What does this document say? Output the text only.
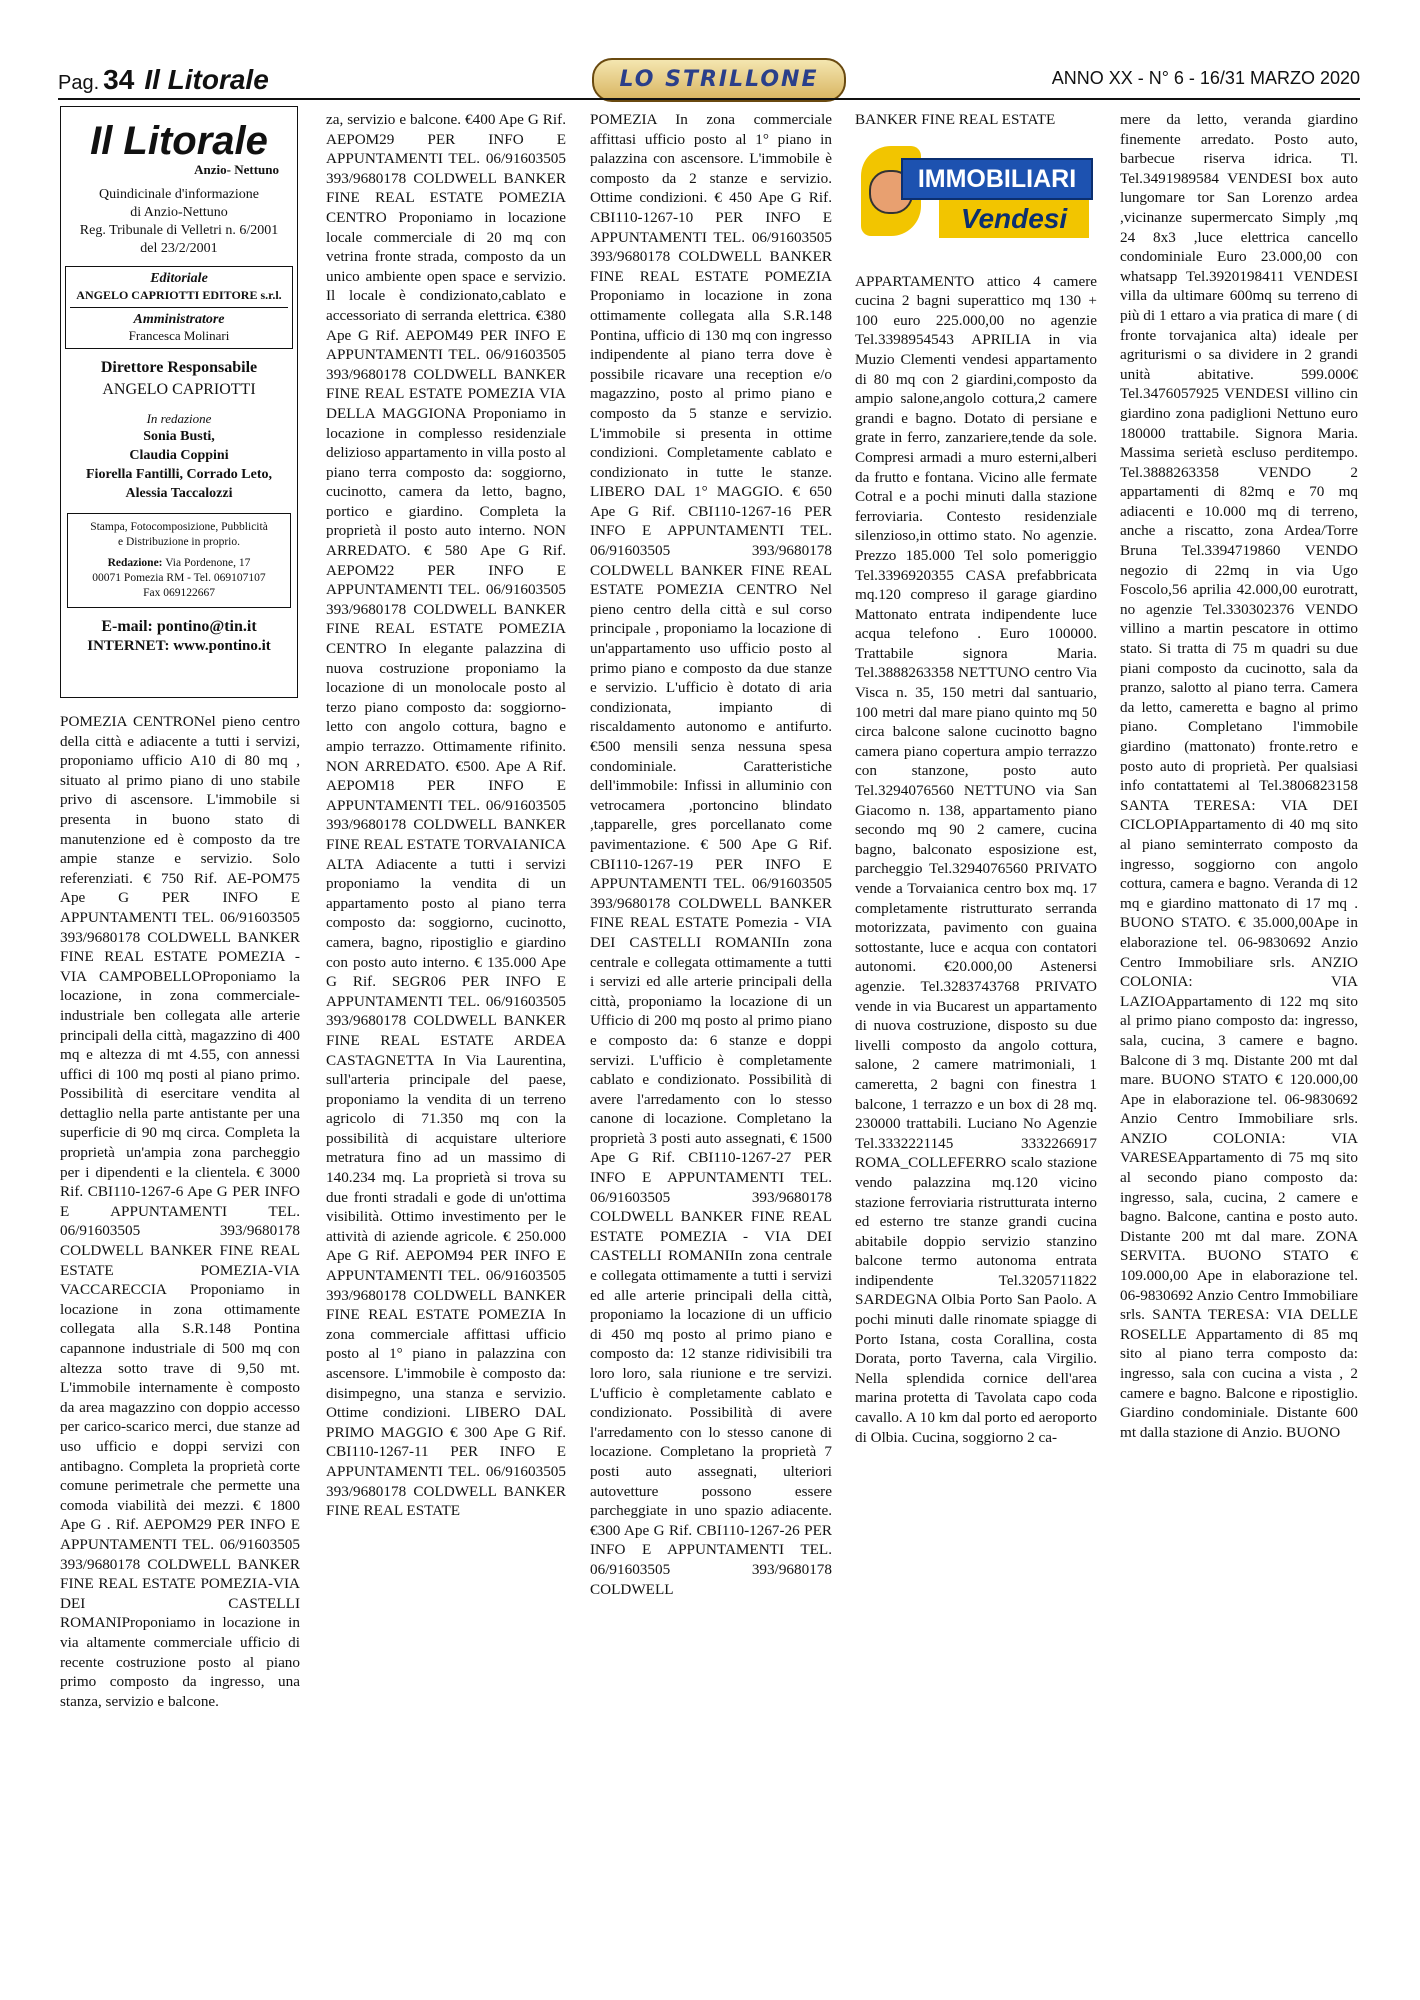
Pag. 34 Il Litorale	LO STRILLONE	ANNO XX - N° 6 - 16/31 MARZO 2020
Il Litorale
Anzio- Nettuno
Quindicinale d'informazione
di Anzio-Nettuno
Reg. Tribunale di Velletri n. 6/2001
del 23/2/2001
Editoriale
ANGELO CAPRIOTTI EDITORE s.r.l.
Amministratore
Francesca Molinari
Direttore Responsabile
ANGELO CAPRIOTTI
In redazione
Sonia Busti,
Claudia Coppini
Fiorella Fantilli, Corrado Leto,
Alessia Taccalozzi
Stampa, Fotocomposizione, Pubblicità
e Distribuzione in proprio.
Redazione: Via Pordenone, 17
00071 Pomezia RM - Tel. 069107107
Fax 069122667
E-mail: pontino@tin.it
INTERNET: www.pontino.it

POMEZIA CENTRONel pieno centro della città e adiacente a tutti i servizi, proponiamo ufficio A10 di 80 mq , situato al primo piano di uno stabile privo di ascensore. L'immobile si presenta in buono stato di manutenzione ed è composto da tre ampie stanze e servizio. Solo referenziati. € 750 Rif. AE-POM75 Ape G PER INFO E APPUNTAMENTI TEL. 06/91603505 393/9680178 COLDWELL BANKER FINE REAL ESTATE POMEZIA - VIA CAMPOBELLOProponiamo la locazione, in zona commerciale-industriale ben collegata alle arterie principali della città, magazzino di 400 mq e altezza di mt 4.55, con annessi uffici di 100 mq posti al piano primo. Possibilità di esercitare vendita al dettaglio nella parte antistante per una superficie di 90 mq circa. Completa la proprietà un'ampia zona parcheggio per i dipendenti e la clientela. € 3000 Rif. CBI110-1267-6 Ape G PER INFO E APPUNTAMENTI TEL. 06/91603505 393/9680178 COLDWELL BANKER FINE REAL ESTATE POMEZIA-VIA VACCARECCIA Proponiamo in locazione in zona ottimamente collegata alla S.R.148 Pontina capannone industriale di 500 mq con altezza sotto trave di 9,50 mt. L'immobile internamente è composto da area magazzino con doppio accesso per carico-scarico merci, due stanze ad uso ufficio e doppi servizi con antibagno. Completa la proprietà corte comune perimetrale che permette una comoda viabilità dei mezzi. € 1800 Ape G . Rif. AEPOM29 PER INFO E APPUNTAMENTI TEL. 06/91603505 393/9680178 COLDWELL BANKER FINE REAL ESTATE POMEZIA-VIA DEI CASTELLI ROMANIProponiamo in locazione in via altamente commerciale ufficio di recente costruzione posto al piano primo composto da ingresso, una stanza, servizio e balcone.

za, servizio e balcone. €400 Ape G Rif. AEPOM29 PER INFO E APPUNTAMENTI TEL. 06/91603505 393/9680178 COLDWELL BANKER FINE REAL ESTATE POMEZIA CENTRO Proponiamo in locazione locale commerciale di 20 mq con vetrina fronte strada, composto da un unico ambiente open space e servizio. Il locale è condizionato,cablato e accessoriato di serranda elettrica. €380 Ape G Rif. AEPOM49 PER INFO E APPUNTAMENTI TEL. 06/91603505 393/9680178 COLDWELL BANKER FINE REAL ESTATE POMEZIA VIA DELLA MAGGIONA Proponiamo in locazione in complesso residenziale delizioso appartamento in villa posto al piano terra composto da: soggiorno, cucinotto, camera da letto, bagno, portico e giardino. Completa la proprietà il posto auto interno. NON ARREDATO. € 580 Ape G Rif. AEPOM22 PER INFO E APPUNTAMENTI TEL. 06/91603505 393/9680178 COLDWELL BANKER FINE REAL ESTATE POMEZIA CENTRO In elegante palazzina di nuova costruzione proponiamo la locazione di un monolocale posto al terzo piano composto da: soggiorno-letto con angolo cottura, bagno e ampio terrazzo. Ottimamente rifinito. NON ARREDATO. €500. Ape A Rif. AEPOM18 PER INFO E APPUNTAMENTI TEL. 06/91603505 393/9680178 COLDWELL BANKER FINE REAL ESTATE TORVAIANICA ALTA Adiacente a tutti i servizi proponiamo la vendita di un appartamento posto al piano terra composto da: soggiorno, cucinotto, camera, bagno, ripostiglio e giardino con posto auto interno. € 135.000 Ape G Rif. SEGR06 PER INFO E APPUNTAMENTI TEL. 06/91603505 393/9680178 COLDWELL BANKER FINE REAL ESTATE ARDEA CASTAGNETTA In Via Laurentina, sull'arteria principale del paese, proponiamo la vendita di un terreno agricolo di 71.350 mq con la possibilità di acquistare ulteriore metratura fino ad un massimo di 140.234 mq. La proprietà si trova su due fronti stradali e gode di un'ottima visibilità. Ottimo investimento per le attività di aziende agricole. € 250.000 Ape G Rif. AEPOM94 PER INFO E APPUNTAMENTI TEL. 06/91603505 393/9680178 COLDWELL BANKER FINE REAL ESTATE POMEZIA In zona commerciale affittasi ufficio posto al 1° piano in palazzina con ascensore. L'immobile è composto da: disimpegno, una stanza e servizio. Ottime condizioni. LIBERO DAL PRIMO MAGGIO € 300 Ape G Rif. CBI110-1267-11 PER INFO E APPUNTAMENTI TEL. 06/91603505 393/9680178 COLDWELL BANKER FINE REAL ESTATE

POMEZIA In zona commerciale affittasi ufficio posto al 1° piano in palazzina con ascensore. L'immobile è composto da 2 stanze e servizio. Ottime condizioni. € 450 Ape G Rif. CBI110-1267-10 PER INFO E APPUNTAMENTI TEL. 06/91603505 393/9680178 COLDWELL BANKER FINE REAL ESTATE POMEZIA Proponiamo in locazione in zona ottimamente collegata alla S.R.148 Pontina, ufficio di 130 mq con ingresso indipendente al piano terra dove è possibile ricavare una reception e/o magazzino, posto al primo piano e composto da 5 stanze e servizio. L'immobile si presenta in ottime condizioni. Completamente cablato e condizionato in tutte le stanze. LIBERO DAL 1° MAGGIO. € 650 Ape G Rif. CBI110-1267-16 PER INFO E APPUNTAMENTI TEL. 06/91603505 393/9680178 COLDWELL BANKER FINE REAL ESTATE POMEZIA CENTRO Nel pieno centro della città e sul corso principale , proponiamo la locazione di un'appartamento uso ufficio posto al primo piano e composto da due stanze e servizio. L'ufficio è dotato di aria condizionata, impianto di riscaldamento autonomo e antifurto. €500 mensili senza nessuna spesa condominiale. Caratteristiche dell'immobile: Infissi in alluminio con vetrocamera ,portoncino blindato ,tapparelle, gres porcellanato come pavimentazione. € 500 Ape G Rif. CBI110-1267-19 PER INFO E APPUNTAMENTI TEL. 06/91603505 393/9680178 COLDWELL BANKER FINE REAL ESTATE Pomezia - VIA DEI CASTELLI ROMANIIn zona centrale e collegata ottimamente a tutti i servizi ed alle arterie principali della città, proponiamo la locazione di un Ufficio di 200 mq posto al primo piano e composto da: 6 stanze e doppi servizi. L'ufficio è completamente cablato e condizionato. Possibilità di avere l'arredamento con lo stesso canone di locazione. Completano la proprietà 3 posti auto assegnati, € 1500 Ape G Rif. CBI110-1267-27 PER INFO E APPUNTAMENTI TEL. 06/91603505 393/9680178 COLDWELL BANKER FINE REAL ESTATE POMEZIA - VIA DEI CASTELLI ROMANIIn zona centrale e collegata ottimamente a tutti i servizi ed alle arterie principali della città, proponiamo la locazione di un ufficio di 450 mq posto al primo piano e composto da: 12 stanze ridivisibili tra loro loro, sala riunione e tre servizi. L'ufficio è completamente cablato e condizionato. Possibilità di avere l'arredamento con lo stesso canone di locazione. Completano la proprietà 7 posti auto assegnati, ulteriori autovetture possono essere parcheggiate in uno spazio adiacente. €300 Ape G Rif. CBI110-1267-26 PER INFO E APPUNTAMENTI TEL. 06/91603505 393/9680178 COLDWELL

BANKER FINE REAL ESTATE

IMMOBILIARI
Vendesi

APPARTAMENTO attico 4 camere cucina 2 bagni superattico mq 130 + 100 euro 225.000,00 no agenzie Tel.3398954543 APRILIA in via Muzio Clementi vendesi appartamento di 80 mq con 2 giardini,composto da ampio salone,angolo cottura,2 camere grandi e bagno. Dotato di persiane e grate in ferro, zanzariere,tende da sole. Compresi armadi a muro esterni,alberi da frutto e fontana. Vicino alle fermate Cotral e a pochi minuti dalla stazione ferroviaria. Contesto residenziale silenzioso,in ottimo stato. No agenzie. Prezzo 185.000 Tel solo pomeriggio Tel.3396920355 CASA prefabbricata mq.120 compreso il garage giardino Mattonato entrata indipendente luce acqua telefono . Euro 100000. Trattabile signora Maria. Tel.3888263358 NETTUNO centro Via Visca n. 35, 150 metri dal santuario, 100 metri dal mare piano quinto mq 50 circa balcone salone cucinotto bagno camera piano copertura ampio terrazzo con stanzone, posto auto Tel.3294076560 NETTUNO via San Giacomo n. 138, appartamento piano secondo mq 90 2 camere, cucina bagno, balconato esposizione est, parcheggio Tel.3294076560 PRIVATO vende a Torvaianica centro box mq. 17 completamente ristrutturato serranda motorizzata, pavimento con guaina sottostante, luce e acqua con contatori autonomi. €20.000,00 Astenersi agenzie. Tel.3283743768 PRIVATO vende in via Bucarest un appartamento di nuova costruzione, disposto su due livelli composto da angolo cottura, salone, 2 camere matrimoniali, 1 cameretta, 2 bagni con finestra 1 balcone, 1 terrazzo e un box di 28 mq. 230000 trattabili. Luciano No Agenzie Tel.3332221145 3332266917 ROMA_COLLEFERRO scalo stazione vendo palazzina mq.120 vicino stazione ferroviaria ristrutturata interno ed esterno tre stanze grandi cucina abitabile doppio servizio stanzino balcone termo autonoma entrata indipendente Tel.3205711822 SARDEGNA Olbia Porto San Paolo. A pochi minuti dalle rinomate spiagge di Porto Istana, costa Corallina, costa Dorata, porto Taverna, cala Virgilio. Nella splendida cornice dell'area marina protetta di Tavolata capo coda cavallo. A 10 km dal porto ed aeroporto di Olbia. Cucina, soggiorno 2 ca-

mere da letto, veranda giardino finemente arredato. Posto auto, barbecue riserva idrica. Tl. Tel.3491989584 VENDESI box auto lungomare tor San Lorenzo ardea ,vicinanze supermercato Simply ,mq 24 8x3 ,luce elettrica cancello condominiale Euro 23.000,00 con whatsapp Tel.3920198411 VENDESI villa da ultimare 600mq su terreno di più di 1 ettaro a via pratica di mare ( di fronte torvajanica alta) ideale per agriturismi o sa dividere in 2 grandi unità abitative. 599.000€ Tel.3476057925 VENDESI villino cin giardino zona padiglioni Nettuno euro 180000 trattabile. Signora Maria. Massima serietà escluso perditempo. Tel.3888263358 VENDO 2 appartamenti di 82mq e 70 mq adiacenti e 10.000 mq di terreno, anche a riscatto, zona Ardea/Torre Bruna Tel.3394719860 VENDO negozio di 22mq in via Ugo Foscolo,56 aprilia 42.000,00 eurotratt, no agenzie Tel.330302376 VENDO villino a martin pescatore in ottimo stato. Si tratta di 75 m quadri su due piani composto da cucinotto, sala da pranzo, salotto al piano terra. Camera da letto, cameretta e bagno al primo piano. Completano l'immobile giardino (mattonato) fronte.retro e posto auto di proprietà. Per qualsiasi info contattatemi al Tel.3806823158 SANTA TERESA: VIA DEI CICLOPIAppartamento di 40 mq sito al piano seminterrato composto da ingresso, soggiorno con angolo cottura, camera e bagno. Veranda di 12 mq e giardino mattonato di 17 mq . BUONO STATO. € 35.000,00Ape in elaborazione tel. 06-9830692 Anzio Centro Immobiliare srls. ANZIO COLONIA: VIA LAZIOAppartamento di 122 mq sito al primo piano composto da: ingresso, sala, cucina, 3 camere e bagno. Balcone di 3 mq. Distante 200 mt dal mare. BUONO STATO € 120.000,00 Ape in elaborazione tel. 06-9830692 Anzio Centro Immobiliare srls. ANZIO COLONIA: VIA VARESEAppartamento di 75 mq sito al secondo piano composto da: ingresso, sala, cucina, 2 camere e bagno. Balcone, cantina e posto auto. Distante 200 mt dal mare. ZONA SERVITA. BUONO STATO € 109.000,00 Ape in elaborazione tel. 06-9830692 Anzio Centro Immobiliare srls. SANTA TERESA: VIA DELLE ROSELLE Appartamento di 85 mq sito al piano terra composto da: ingresso, sala con cucina a vista , 2 camere e bagno. Balcone e ripostiglio. Giardino condominiale. Distante 600 mt dalla stazione di Anzio. BUONO
